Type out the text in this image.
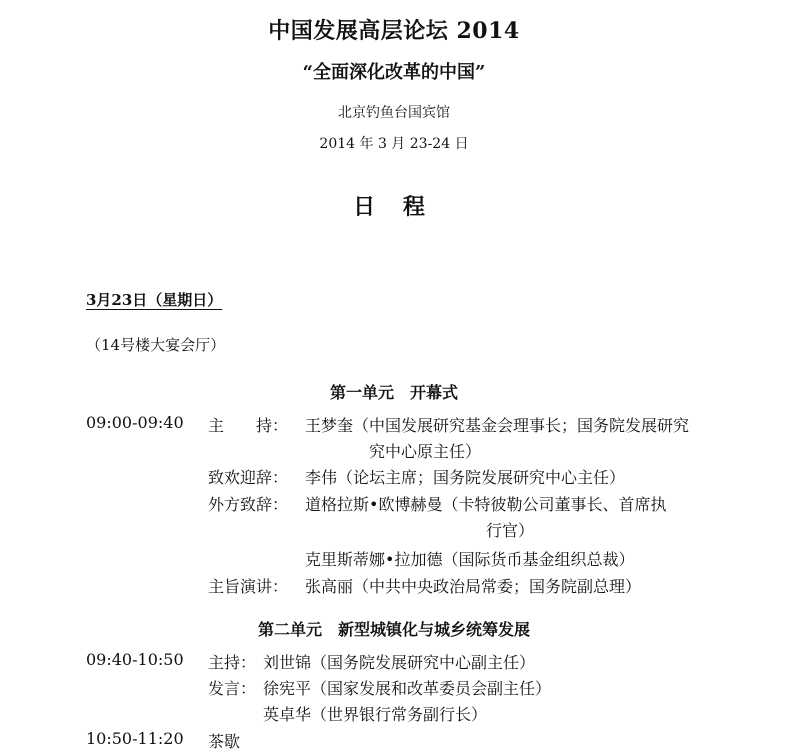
中国发展高层论坛 2014
“全面深化改革的中国”
北京钓鱼台国宾馆
2014 年 3 月 23-24 日
日 程
3月23日（星期日）
（14号楼大宴会厅）
第一单元　开幕式
09:00-09:40 主　　持： 王梦奎（中国发展研究基金会理事长；国务院发展研究
究中心原主任）
致欢迎辞： 李伟（论坛主席；国务院发展研究中心主任）
外方致辞： 道格拉斯•欧博赫曼（卡特彼勒公司董事长、首席执
行官）
克里斯蒂娜•拉加德（国际货币基金组织总裁）
主旨演讲： 张高丽（中共中央政治局常委；国务院副总理）
第二单元　新型城镇化与城乡统筹发展
09:40-10:50 主持： 刘世锦（国务院发展研究中心副主任）
发言： 徐宪平（国家发展和改革委员会副主任）
英卓华（世界银行常务副行长）
10:50-11:20 茶歇
